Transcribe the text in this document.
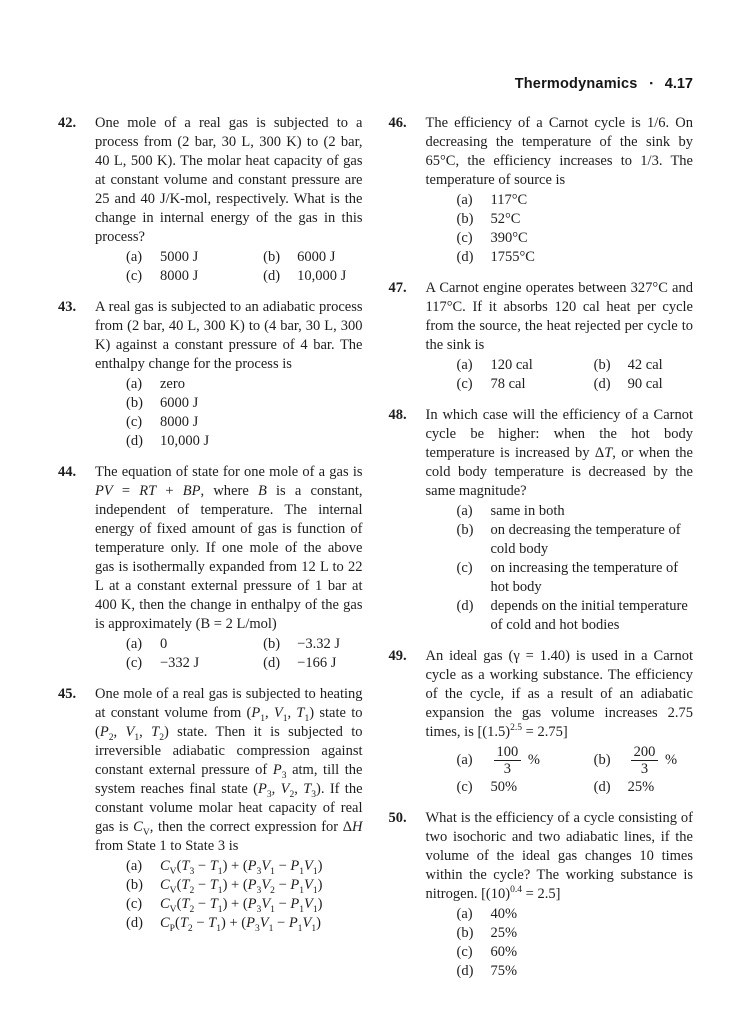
Thermodynamics ▪ 4.17
42.	One mole of a real gas is subjected to a process from (2 bar, 30 L, 300 K) to (2 bar, 40 L, 500 K). The molar heat capacity of gas at constant volume and constant pressure are 25 and 40 J/K-mol, respectively. What is the change in internal energy of the gas in this process?
(a)	5000 J	(b)	6000 J
(c)	8000 J	(d)	10,000 J
43.	A real gas is subjected to an adiabatic process from (2 bar, 40 L, 300 K) to (4 bar, 30 L, 300 K) against a constant pressure of 4 bar. The enthalpy change for the process is
(a)	zero
(b)	6000 J
(c)	8000 J
(d)	10,000 J
44.	The equation of state for one mole of a gas is PV = RT + BP, where B is a constant, independent of temperature. The internal energy of fixed amount of gas is function of temperature only. If one mole of the above gas is isothermally expanded from 12 L to 22 L at a constant external pressure of 1 bar at 400 K, then the change in enthalpy of the gas is approximately (B = 2 L/mol)
(a)	0	(b)	−3.32 J
(c)	−332 J	(d)	−166 J
45.	One mole of a real gas is subjected to heating at constant volume from ($P_1$, $V_1$, $T_1$) state to ($P_2$, $V_1$, $T_2$) state. Then it is subjected to irreversible adiabatic compression against constant external pressure of $P_3$ atm, till the system reaches final state ($P_3$, $V_2$, $T_3$). If the constant volume molar heat capacity of real gas is $C_V$, then the correct expression for ΔH from State 1 to State 3 is
(a)	$C_V(T_3 - T_1) + (P_3V_1 - P_1V_1)$
(b)	$C_V(T_2 - T_1) + (P_3V_2 - P_1V_1)$
(c)	$C_V(T_2 - T_1) + (P_3V_1 - P_1V_1)$
(d)	$C_P(T_2 - T_1) + (P_3V_1 - P_1V_1)$
46.	The efficiency of a Carnot cycle is 1/6. On decreasing the temperature of the sink by 65°C, the efficiency increases to 1/3. The temperature of source is
(a)	117°C
(b)	52°C
(c)	390°C
(d)	1755°C
47.	A Carnot engine operates between 327°C and 117°C. If it absorbs 120 cal heat per cycle from the source, the heat rejected per cycle to the sink is
(a)	120 cal	(b)	42 cal
(c)	78 cal	(d)	90 cal
48.	In which case will the efficiency of a Carnot cycle be higher: when the hot body temperature is increased by ΔT, or when the cold body temperature is decreased by the same magnitude?
(a)	same in both
(b)	on decreasing the temperature of cold body
(c)	on increasing the temperature of hot body
(d)	depends on the initial temperature of cold and hot bodies
49.	An ideal gas (γ = 1.40) is used in a Carnot cycle as a working substance. The efficiency of the cycle, if as a result of an adiabatic expansion the gas volume increases 2.75 times, is $[(1.5)^{2.5} = 2.75]$
(a)	$\frac{100}{3}$ %	(b)	$\frac{200}{3}$ %
(c)	50%	(d)	25%
50.	What is the efficiency of a cycle consisting of two isochoric and two adiabatic lines, if the volume of the ideal gas changes 10 times within the cycle? The working substance is nitrogen. $[(10)^{0.4} = 2.5]$
(a)	40%
(b)	25%
(c)	60%
(d)	75%
